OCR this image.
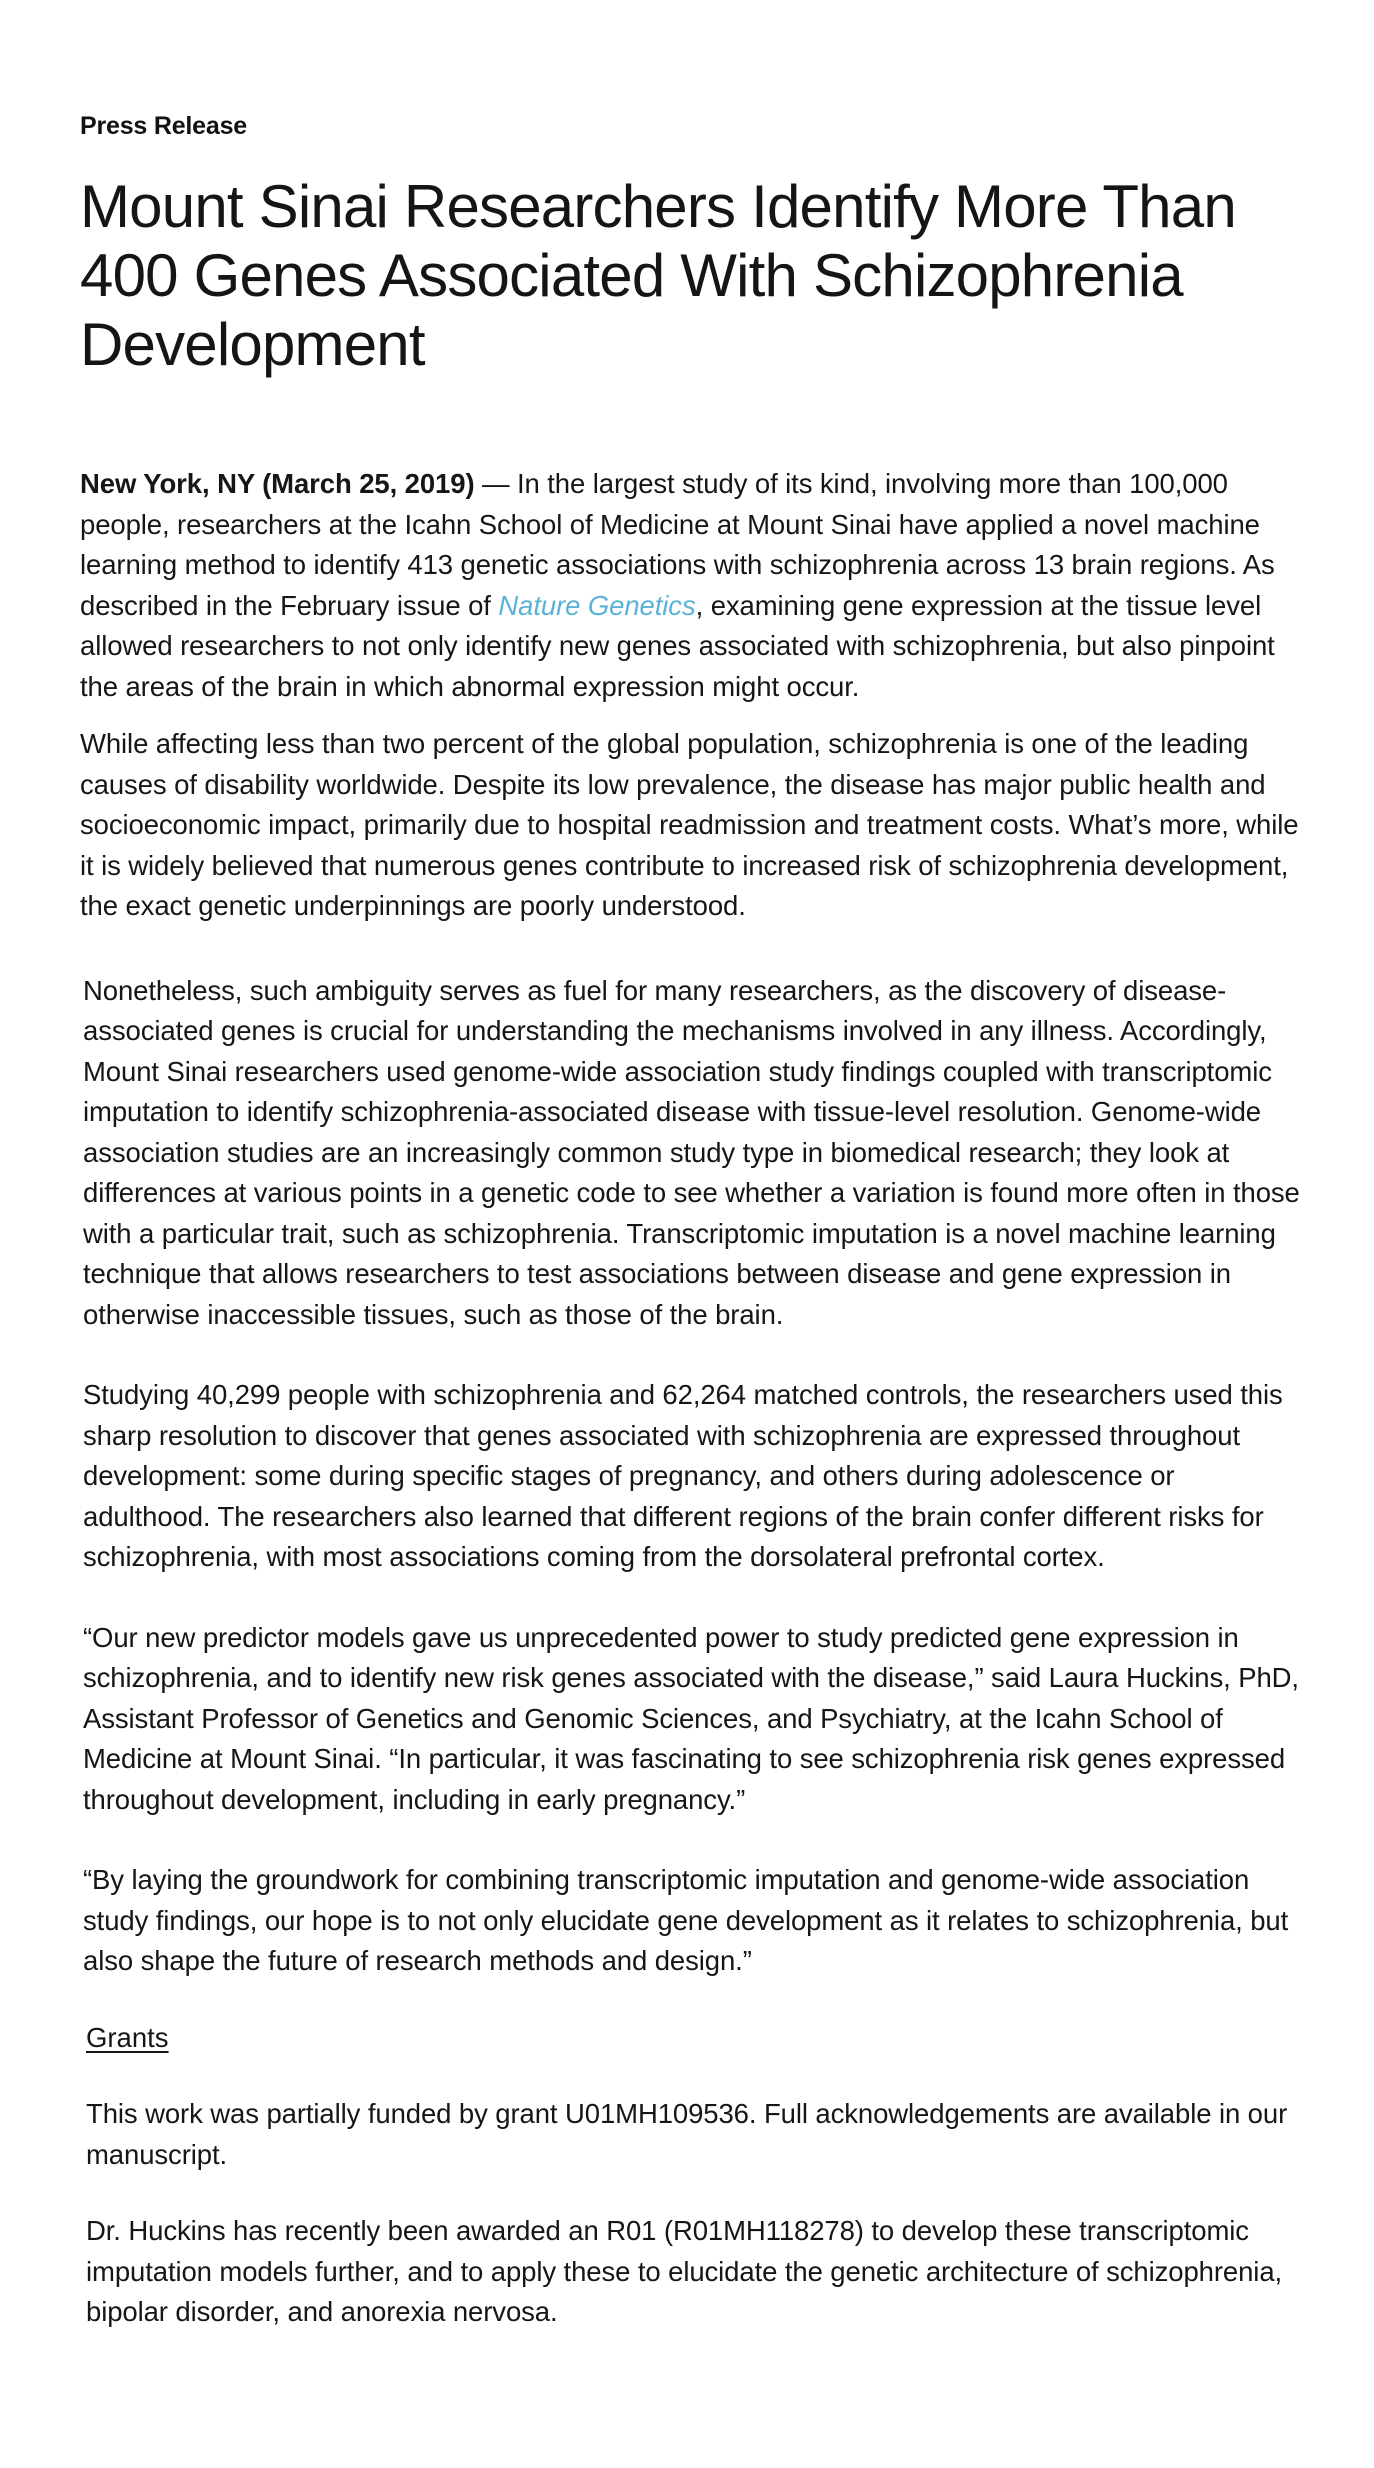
Press Release

Mount Sinai Researchers Identify More Than 400 Genes Associated With Schizophrenia Development

New York, NY (March 25, 2019) — In the largest study of its kind, involving more than 100,000 people, researchers at the Icahn School of Medicine at Mount Sinai have applied a novel machine learning method to identify 413 genetic associations with schizophrenia across 13 brain regions. As described in the February issue of Nature Genetics, examining gene expression at the tissue level allowed researchers to not only identify new genes associated with schizophrenia, but also pinpoint the areas of the brain in which abnormal expression might occur.

While affecting less than two percent of the global population, schizophrenia is one of the leading causes of disability worldwide. Despite its low prevalence, the disease has major public health and socioeconomic impact, primarily due to hospital readmission and treatment costs. What’s more, while it is widely believed that numerous genes contribute to increased risk of schizophrenia development, the exact genetic underpinnings are poorly understood.

Nonetheless, such ambiguity serves as fuel for many researchers, as the discovery of disease-associated genes is crucial for understanding the mechanisms involved in any illness. Accordingly, Mount Sinai researchers used genome-wide association study findings coupled with transcriptomic imputation to identify schizophrenia-associated disease with tissue-level resolution. Genome-wide association studies are an increasingly common study type in biomedical research; they look at differences at various points in a genetic code to see whether a variation is found more often in those with a particular trait, such as schizophrenia. Transcriptomic imputation is a novel machine learning technique that allows researchers to test associations between disease and gene expression in otherwise inaccessible tissues, such as those of the brain.

Studying 40,299 people with schizophrenia and 62,264 matched controls, the researchers used this sharp resolution to discover that genes associated with schizophrenia are expressed throughout development: some during specific stages of pregnancy, and others during adolescence or adulthood. The researchers also learned that different regions of the brain confer different risks for schizophrenia, with most associations coming from the dorsolateral prefrontal cortex.

“Our new predictor models gave us unprecedented power to study predicted gene expression in schizophrenia, and to identify new risk genes associated with the disease,” said Laura Huckins, PhD, Assistant Professor of Genetics and Genomic Sciences, and Psychiatry, at the Icahn School of Medicine at Mount Sinai. “In particular, it was fascinating to see schizophrenia risk genes expressed throughout development, including in early pregnancy.”

“By laying the groundwork for combining transcriptomic imputation and genome-wide association study findings, our hope is to not only elucidate gene development as it relates to schizophrenia, but also shape the future of research methods and design.”

Grants

This work was partially funded by grant U01MH109536. Full acknowledgements are available in our manuscript.

Dr. Huckins has recently been awarded an R01 (R01MH118278) to develop these transcriptomic imputation models further, and to apply these to elucidate the genetic architecture of schizophrenia, bipolar disorder, and anorexia nervosa.
